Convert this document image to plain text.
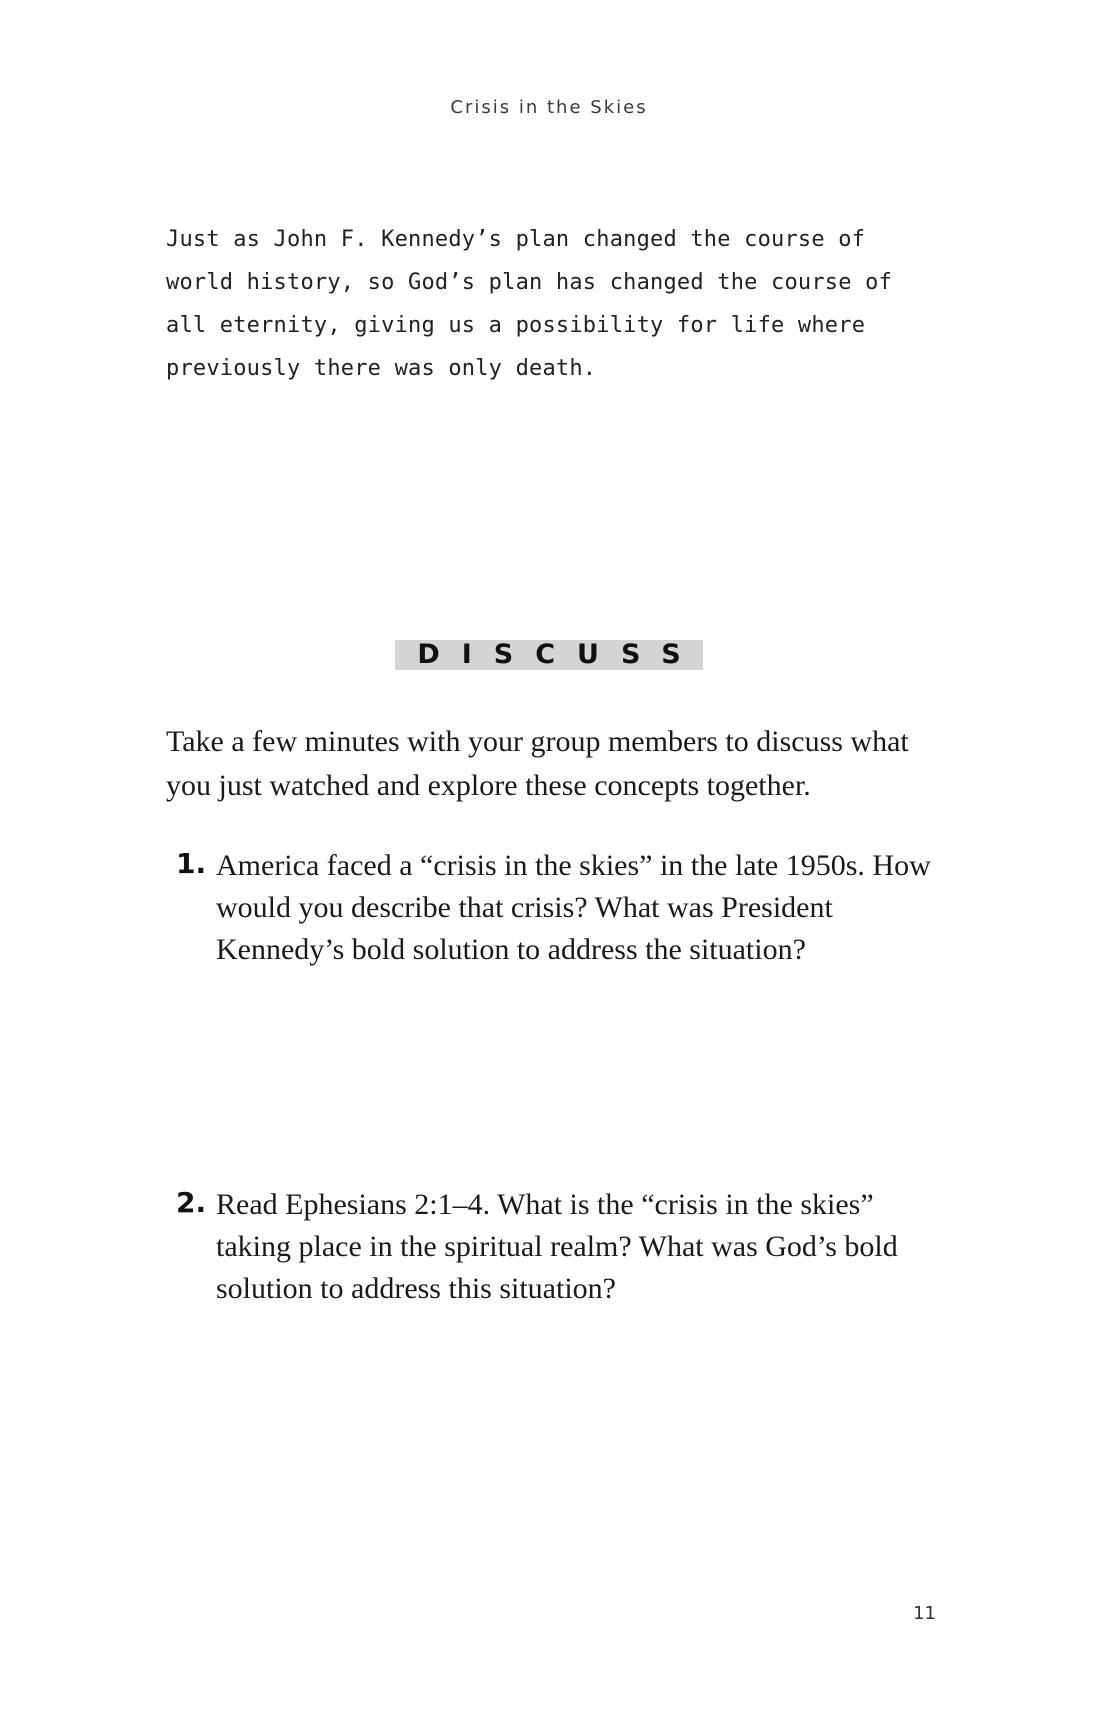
Crisis in the Skies

Just as John F. Kennedy’s plan changed the course of world history, so God’s plan has changed the course of all eternity, giving us a possibility for life where previously there was only death.

DISCUSS

Take a few minutes with your group members to discuss what you just watched and explore these concepts together.

1. America faced a “crisis in the skies” in the late 1950s. How would you describe that crisis? What was President Kennedy’s bold solution to address the situation?

2. Read Ephesians 2:1–4. What is the “crisis in the skies” taking place in the spiritual realm? What was God’s bold solution to address this situation?

11
